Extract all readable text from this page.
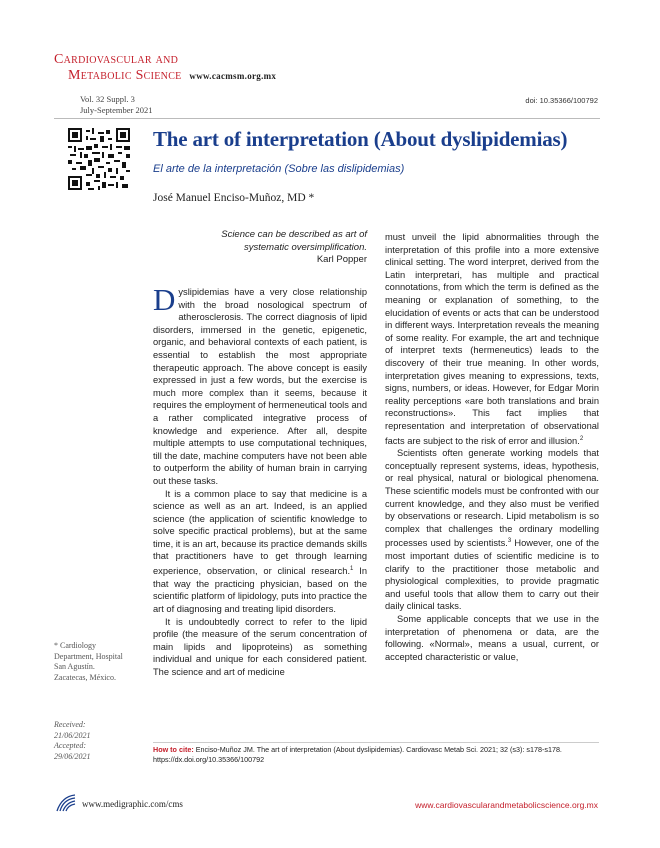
Cardiovascular and
Metabolic Science www.cacmsm.org.mx
Vol. 32 Suppl. 3
July-September 2021
doi: 10.35366/100792
The art of interpretation (About dyslipidemias)
El arte de la interpretación (Sobre las dislipidemias)
José Manuel Enciso-Muñoz, MD *
Science can be described as art of
systematic oversimplification.
Karl Popper

Dyslipidemias have a very close relationship with the broad nosological spectrum of atherosclerosis. The correct diagnosis of lipid disorders, immersed in the genetic, epigenetic, organic, and behavioral contexts of each patient, is essential to establish the most appropriate therapeutic approach. The above concept is easily expressed in just a few words, but the exercise is much more complex than it seems, because it requires the employment of hermeneutical tools and a rather complicated integrative process of knowledge and experience. After all, despite multiple attempts to use computational techniques, till the date, machine computers have not been able to outperform the ability of human brain in carrying out these tasks.

It is a common place to say that medicine is a science as well as an art. Indeed, is an applied science (the application of scientific knowledge to solve specific practical problems), but at the same time, it is an art, because its practice demands skills that practitioners have to get through learning experience, observation, or clinical research.$^1$ In that way the practicing physician, based on the scientific platform of lipidology, puts into practice the art of diagnosing and treating lipid disorders.

It is undoubtedly correct to refer to the lipid profile (the measure of the serum concentration of main lipids and lipoproteins) as something individual and unique for each considered patient. The science and art of medicine

must unveil the lipid abnormalities through the interpretation of this profile into a more extensive clinical setting. The word interpret, derived from the Latin interpretari, has multiple and practical connotations, from which the term is defined as the meaning or explanation of something, to the elucidation of events or acts that can be understood in different ways. Interpretation reveals the meaning of some reality. For example, the art and technique of interpret texts (hermeneutics) leads to the discovery of their true meaning. In other words, interpretation gives meaning to expressions, texts, signs, numbers, or ideas. However, for Edgar Morin reality perceptions «are both translations and brain reconstructions». This fact implies that representation and interpretation of observational facts are subject to the risk of error and illusion.$^2$

Scientists often generate working models that conceptually represent systems, ideas, hypothesis, or real physical, natural or biological phenomena. These scientific models must be confronted with our current knowledge, and they also must be verified by observations or research. Lipid metabolism is so complex that challenges the ordinary modelling processes used by scientists.$^3$ However, one of the most important duties of scientific medicine is to clarify to the practitioner those metabolic and physiological complexities, to provide pragmatic and useful tools that allow them to carry out their daily clinical tasks.

Some applicable concepts that we use in the interpretation of phenomena or data, are the following. «Normal», means a usual, current, or accepted characteristic or value,

* Cardiology Department, Hospital San Agustín. Zacatecas, México.
Received:
21/06/2021
Accepted:
29/06/2021
How to cite: Enciso-Muñoz JM. The art of interpretation (About dyslipidemias). Cardiovasc Metab Sci. 2021; 32 (s3): s178-s178. https://dx.doi.org/10.35366/100792
www.medigraphic.com/cms	www.cardiovascularandmetabolicscience.org.mx
